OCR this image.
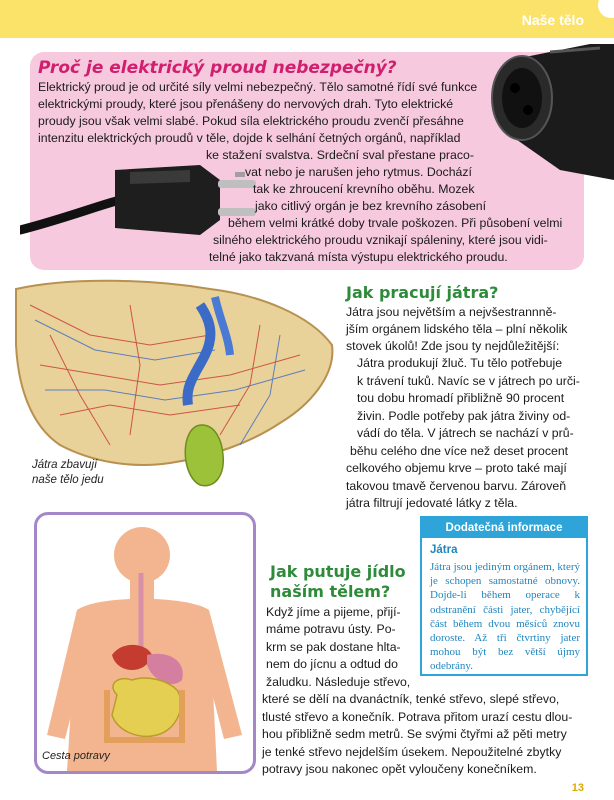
Naše tělo
Proč je elektrický proud nebezpečný?
Elektrický proud je od určité síly velmi nebezpečný. Tělo samotné řídí své funkce
elektrickými proudy, které jsou přenášeny do nervových drah. Tyto elektrické
proudy jsou však velmi slabé. Pokud síla elektrického proudu zvenčí přesáhne
intenzitu elektrických proudů v těle, dojde k selhání četných orgánů, například
ke stažení svalstva. Srdeční sval přestane praco-
vat nebo je narušen jeho rytmus. Dochází
tak ke zhroucení krevního oběhu. Mozek
jako citlivý orgán je bez krevního zásobení
během velmi krátké doby trvale poškozen. Při působení velmi
silného elektrického proudu vznikají spáleniny, které jsou vidi-
telné jako takzvaná místa výstupu elektrického proudu.
Játra zbavují
naše tělo jedu
Jak pracují játra?
Játra jsou největším a nejvšestrannně-
jším orgánem lidského těla – plní několik
stovek úkolů! Zde jsou ty nejdůležitější:
Játra produkují žluč. Tu tělo potřebuje
k trávení tuků. Navíc se v játrech po urči-
tou dobu hromadí přibližně 90 procent
živin. Podle potřeby pak játra živiny od-
vádí do těla. V játrech se nachází v prů-
běhu celého dne více než deset procent
celkového objemu krve – proto také mají
takovou tmavě červenou barvu. Zároveň
játra filtrují jedovaté látky z těla.
Cesta potravy
Jak putuje jídlo
naším tělem?
Když jíme a pijeme, přijí-
máme potravu ústy. Po-
krm se pak dostane hlta-
nem do jícnu a odtud do
žaludku. Následuje střevo,
které se dělí na dvanáctník, tenké střevo, slepé střevo,
tlusté střevo a konečník. Potrava přitom urazí cestu dlou-
hou přibližně sedm metrů. Se svými čtyřmi až pěti metry
je tenké střevo nejdelším úsekem. Nepoužitelné zbytky
potravy jsou nakonec opět vyloučeny konečníkem.
Dodatečná informace
Játra
Játra jsou jediným orgánem, který je schopen samostatné obnovy. Dojde-li během operace k odstranění části jater, chybějící část během dvou měsíců znovu doroste. Až tři čtvrtiny jater mohou být bez větší újmy odebrány.
13
